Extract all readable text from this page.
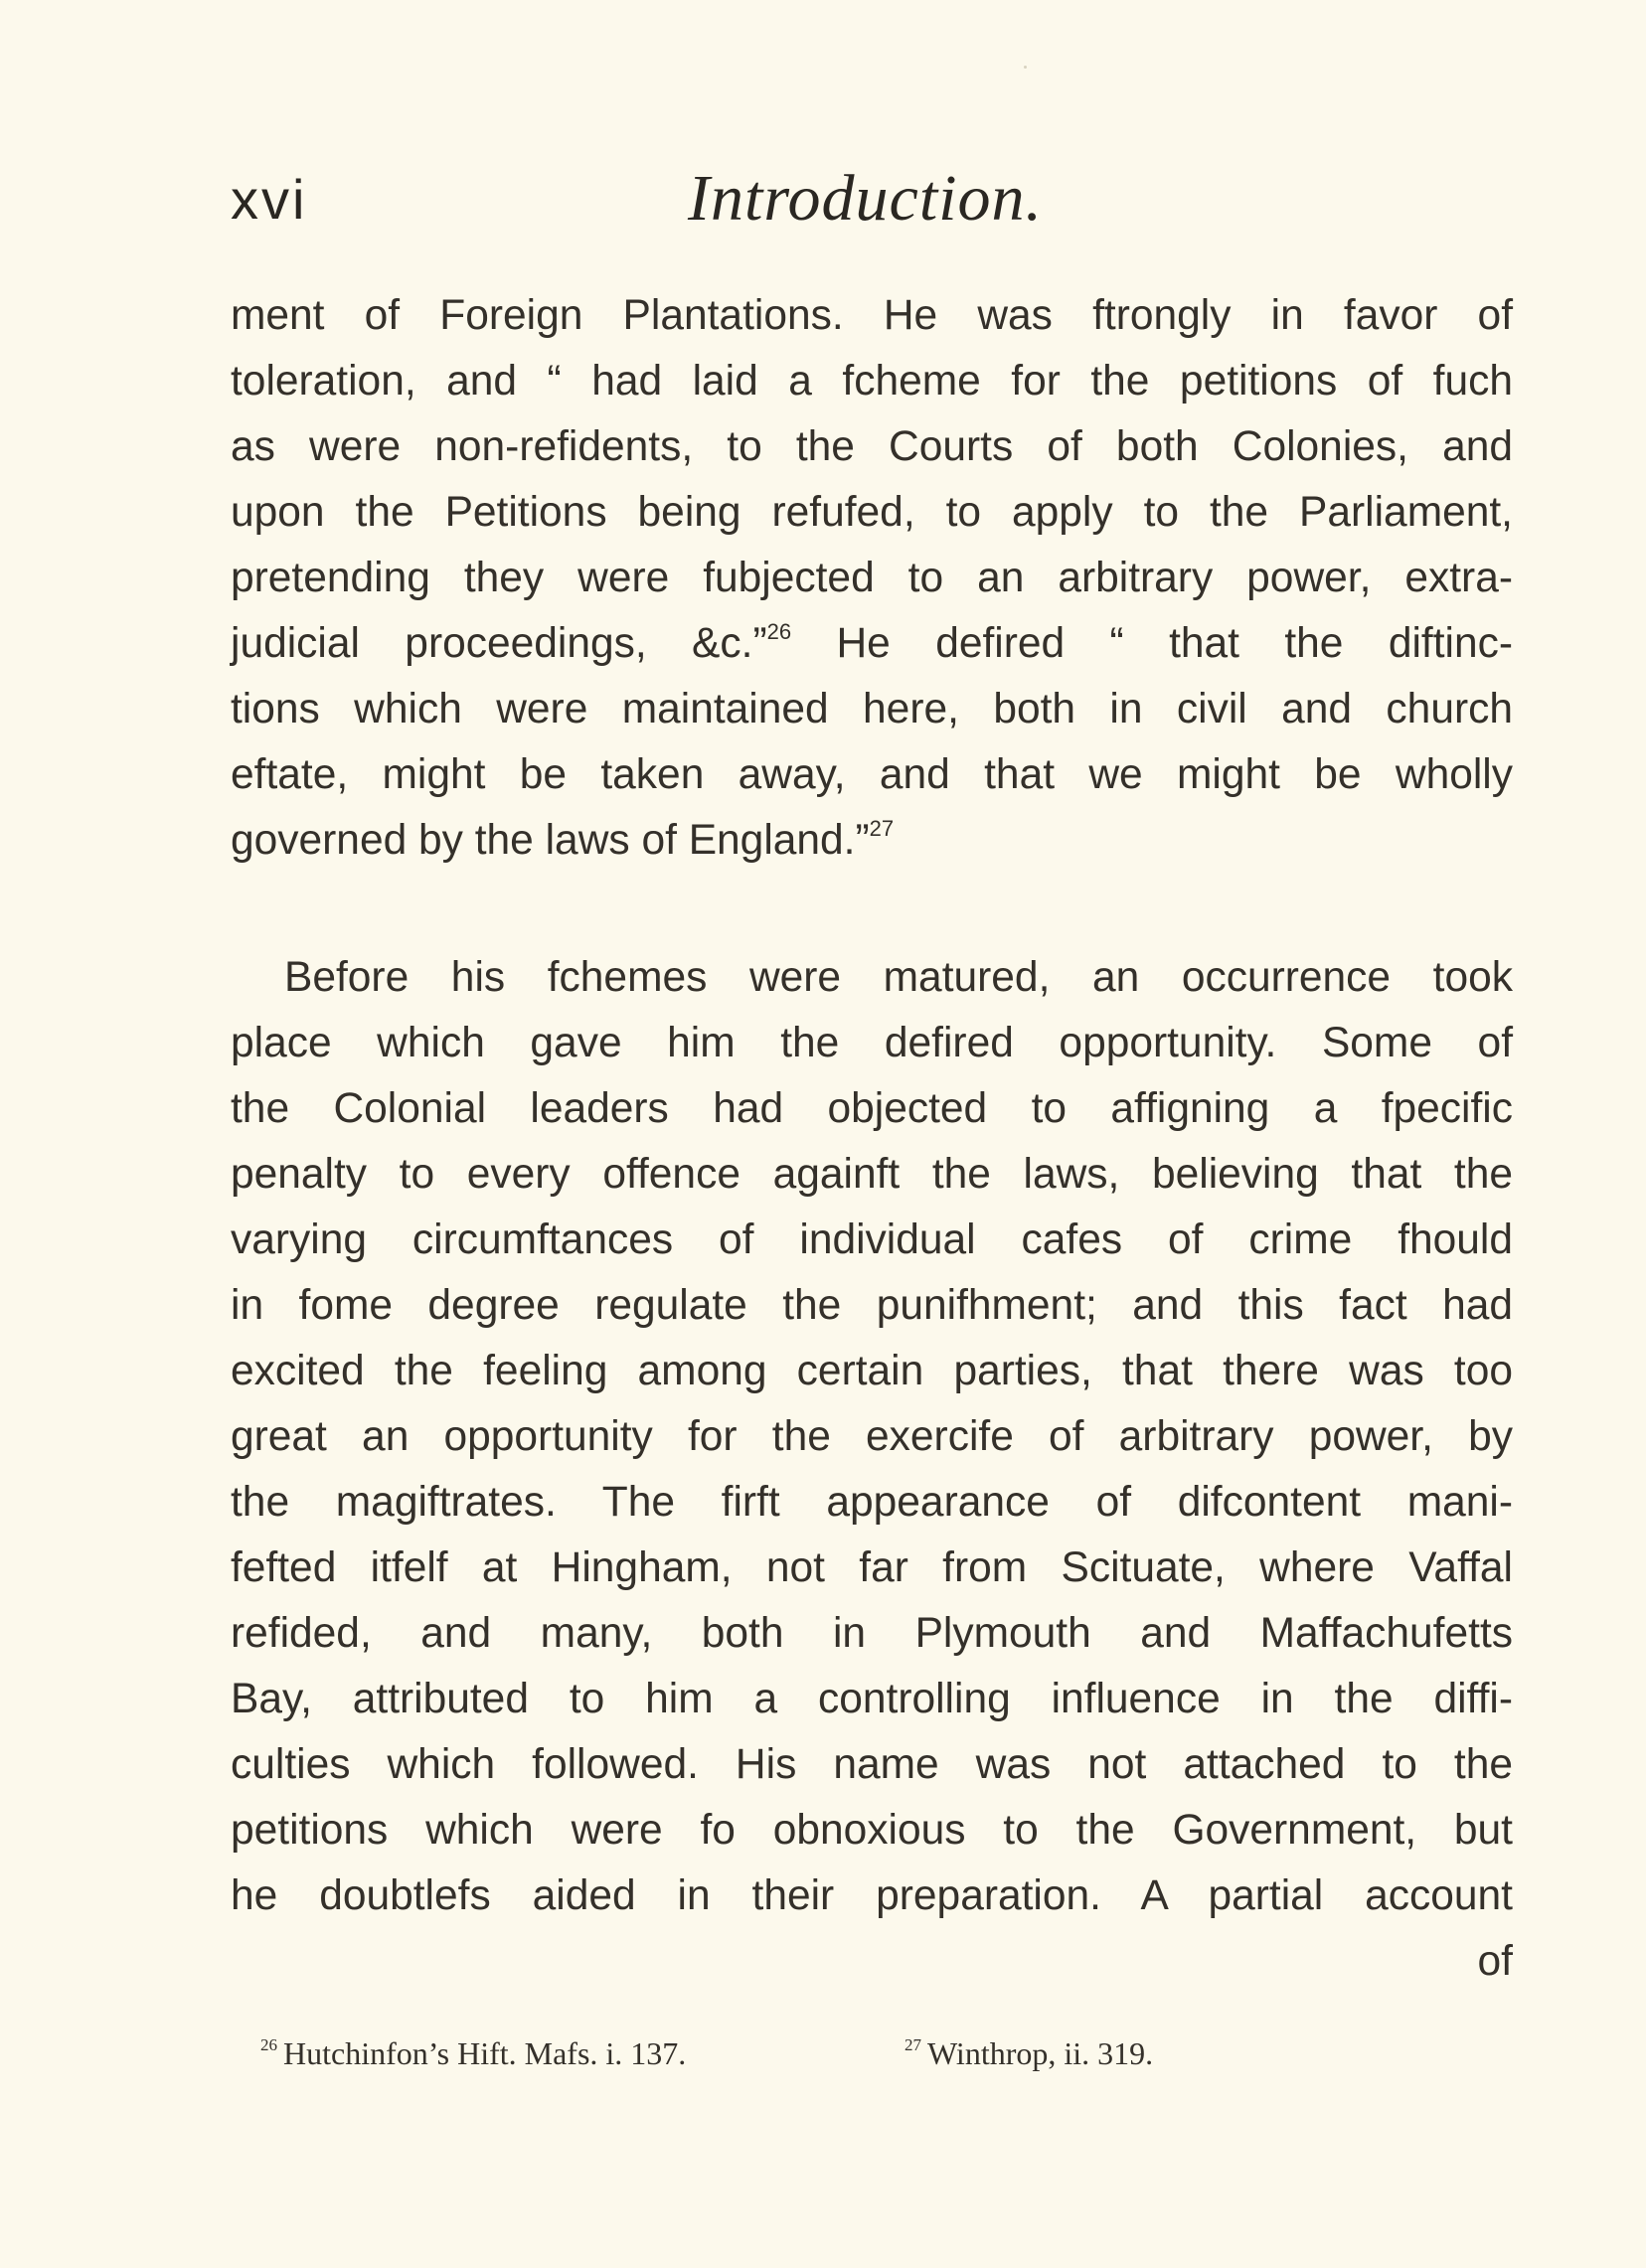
xvi	Introduction.
ment of Foreign Plantations. He was ftrongly in favor of
toleration, and “ had laid a fcheme for the petitions of fuch
as were non-refidents, to the Courts of both Colonies, and
upon the Petitions being refufed, to apply to the Parliament,
pretending they were fubjected to an arbitrary power, extra-
judicial proceedings, &c.”$^{26}$ He defired “ that the diftinc-
tions which were maintained here, both in civil and church
eftate, might be taken away, and that we might be wholly
governed by the laws of England.”$^{27}$
Before his fchemes were matured, an occurrence took
place which gave him the defired opportunity. Some of
the Colonial leaders had objected to affigning a fpecific
penalty to every offence againft the laws, believing that the
varying circumftances of individual cafes of crime fhould
in fome degree regulate the punifhment; and this fact had
excited the feeling among certain parties, that there was too
great an opportunity for the exercife of arbitrary power, by
the magiftrates. The firft appearance of difcontent mani-
fefted itfelf at Hingham, not far from Scituate, where Vaffal
refided, and many, both in Plymouth and Maffachufetts
Bay, attributed to him a controlling influence in the diffi-
culties which followed. His name was not attached to the
petitions which were fo obnoxious to the Government, but
he doubtlefs aided in their preparation. A partial account
of
$^{26}$ Hutchinfon’s Hift. Mafs. i. 137.	$^{27}$ Winthrop, ii. 319.
